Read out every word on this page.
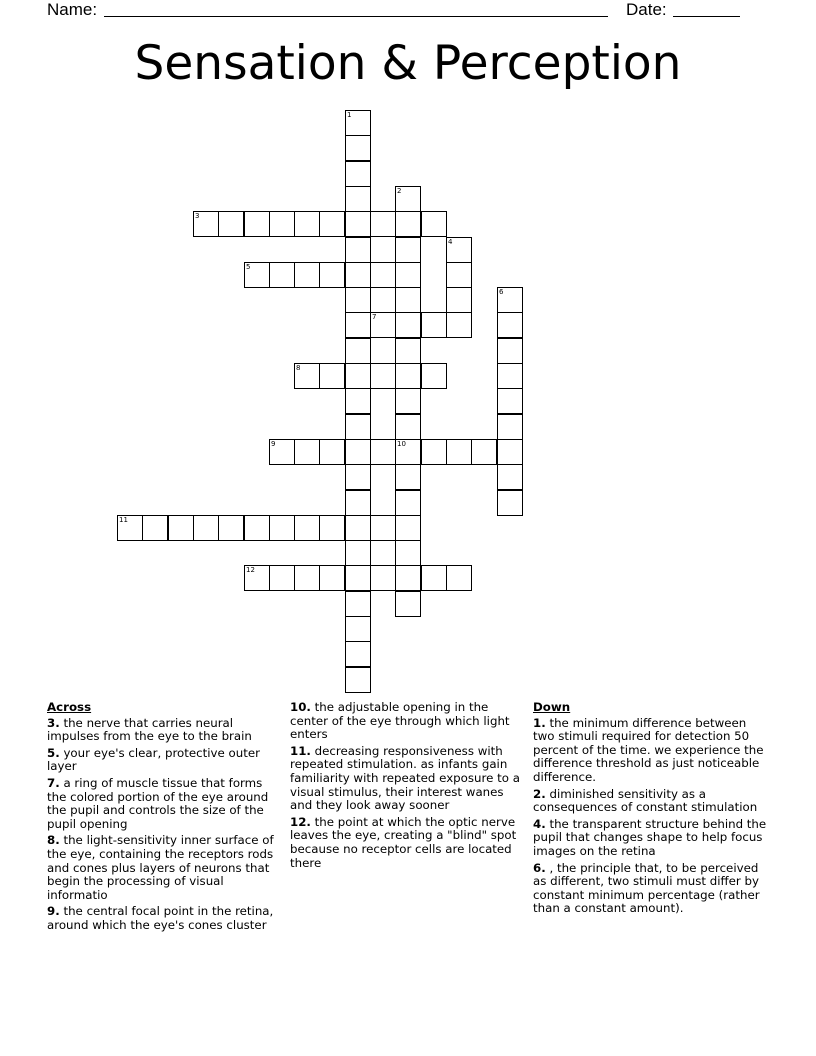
Name:	Date:
Sensation & Perception
1
2
10
3
4
5
6
7
8
9
11
12
Across
3. the nerve that carries neural impulses from the eye to the brain
5. your eye's clear, protective outer layer
7. a ring of muscle tissue that forms the colored portion of the eye around the pupil and controls the size of the pupil opening
8. the light-sensitivity inner surface of the eye, containing the receptors rods and cones plus layers of neurons that begin the processing of visual informatio
9. the central focal point in the retina, around which the eye's cones cluster
10. the adjustable opening in the center of the eye through which light enters
11. decreasing responsiveness with repeated stimulation. as infants gain familiarity with repeated exposure to a visual stimulus, their interest wanes and they look away sooner
12. the point at which the optic nerve leaves the eye, creating a "blind" spot because no receptor cells are located there
Down
1. the minimum difference between two stimuli required for detection 50 percent of the time. we experience the difference threshold as just noticeable difference.
2. diminished sensitivity as a consequences of constant stimulation
4. the transparent structure behind the pupil that changes shape to help focus images on the retina
6. , the principle that, to be perceived as different, two stimuli must differ by constant minimum percentage (rather than a constant amount).
